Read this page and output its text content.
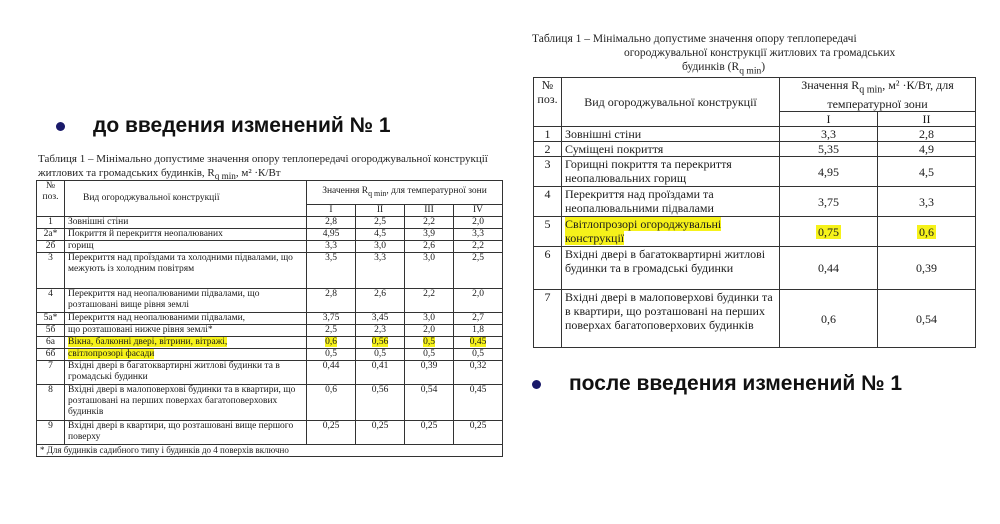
Таблиця 1 – Мінімально допустиме значення опору теплопередачі огороджувальної конструкції житлових та громадських будинків, $R_{q min}$, м² ·К/Вт
до введения изменений № 1
№ поз.	Вид огороджувальної конструкції	Значення $R_{q min}$, для температурної зони			
		I	II	III	IV
1	Зовнішні стіни	2,8	2,5	2,2	2,0
2а*	Покриття й перекриття неопалюваних	4,95	4,5	3,9	3,3
2б	горищ	3,3	3,0	2,6	2,2
3	Перекриття над проїздами та холодними підвалами, що межують із холодним повітрям	3,5	3,3	3,0	2,5
4	Перекриття над неопалюваними підвалами, що розташовані вище рівня землі	2,8	2,6	2,2	2,0
5а*	Перекриття над неопалюваними підвалами,	3,75	3,45	3,0	2,7
5б	що розташовані нижче рівня землі*	2,5	2,3	2,0	1,8
6а	Вікна, балконні двері, вітрини, вітражі,	0,6	0,56	0,5	0,45
6б	світлопрозорі фасади	0,5	0,5	0,5	0,5
7	Вхідні двері в багатоквартирні житлові будинки та в громадські будинки	0,44	0,41	0,39	0,32
8	Вхідні двері в малоповерхові будинки та в квартири, що розташовані на перших поверхах багатоповерхових будинків	0,6	0,56	0,54	0,45
9	Вхідні двері в квартири, що розташовані вище першого поверху	0,25	0,25	0,25	0,25
* Для будинків садибного типу і будинків до 4 поверхів включно					
Таблиця 1 – Мінімально допустиме значення опору теплопередачі
огороджувальної конструкції житлових та громадських
будинків $(R_{q min})$
№ поз.	Вид огороджувальної конструкції	Значення $R_{q min}$, м² ·К/Вт, для температурної зони	
		I	II
1	Зовнішні стіни	3,3	2,8
2	Суміщені покриття	5,35	4,9
3	Горищні покриття та перекриття неопалювальних горищ	4,95	4,5
4	Перекриття над проїздами та неопалювальними підвалами	3,75	3,3
5	Світлопрозорі огороджувальні конструкції	0,75	0,6
6	Вхідні двері в багатоквартирні житлові будинки та в громадські будинки	0,44	0,39
7	Вхідні двері в малоповерхові будинки та в квартири, що розташовані на перших поверхах багатоповерхових будинків	0,6	0,54
после введения изменений № 1
